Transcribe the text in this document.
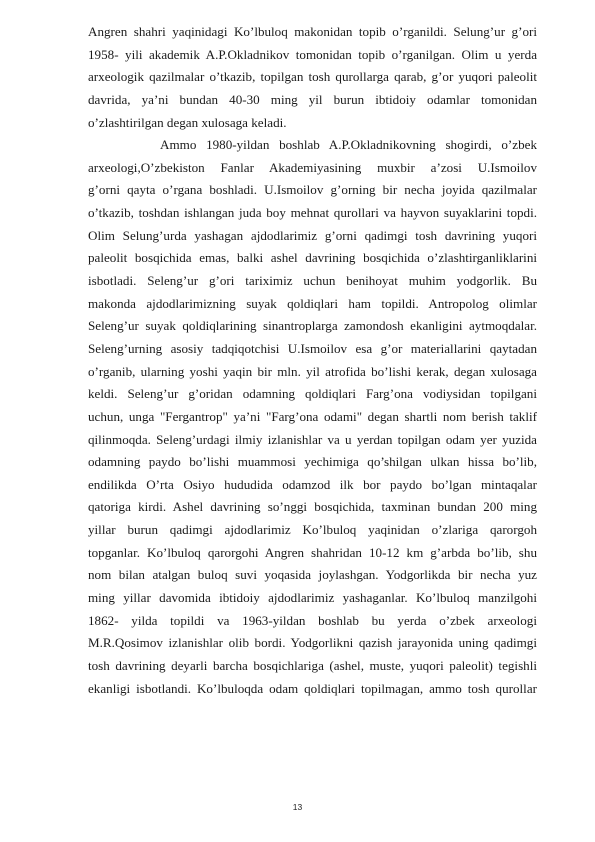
Angren shahri yaqinidagi Ko’lbuloq makonidan topib o’rganildi. Selung’ur g’ori
1958- yili akademik A.P.Okladnikov tomonidan topib o’rganilgan. Olim u yerda
arxeologik qazilmalar o’tkazib, topilgan tosh qurollarga qarab, g’or yuqori paleolit
davrida, ya’ni bundan 40-30 ming yil burun ibtidoiy odamlar tomonidan
o’zlashtirilgan degan xulosaga keladi.
Ammo 1980-yildan boshlab A.P.Okladnikovning shogirdi, o’zbek
arxeologi,O’zbekiston Fanlar Akademiyasining muxbir a’zosi U.Ismoilov
g’orni qayta o’rgana boshladi. U.Ismoilov g’orning bir necha joyida qazilmalar
o’tkazib, toshdan ishlangan juda boy mehnat qurollari va hayvon suyaklarini topdi.
Olim Selung’urda yashagan ajdodlarimiz g’orni qadimgi tosh davrining yuqori
paleolit bosqichida emas, balki ashel davrining bosqichida o’zlashtirganliklarini
isbotladi. Seleng’ur g’ori tariximiz uchun benihoyat muhim yodgorlik. Bu
makonda ajdodlarimizning suyak qoldiqlari ham topildi. Antropolog olimlar
Seleng’ur suyak qoldiqlarining sinantroplarga zamondosh ekanligini aytmoqdalar.
Seleng’urning asosiy tadqiqotchisi U.Ismoilov esa g’or materiallarini qaytadan
o’rganib, ularning yoshi yaqin bir mln. yil atrofida bo’lishi kerak, degan xulosaga
keldi. Seleng’ur g’oridan odamning qoldiqlari Farg’ona vodiysidan topilgani
uchun, unga "Fergantrop" ya’ni "Farg’ona odami" degan shartli nom berish taklif
qilinmoqda. Seleng’urdagi ilmiy izlanishlar va u yerdan topilgan odam yer yuzida
odamning paydo bo’lishi muammosi yechimiga qo’shilgan ulkan hissa bo’lib,
endilikda O’rta Osiyo hududida odamzod ilk bor paydo bo’lgan mintaqalar
qatoriga kirdi. Ashel davrining so’nggi bosqichida, taxminan bundan 200 ming
yillar burun qadimgi ajdodlarimiz Ko’lbuloq yaqinidan o’zlariga qarorgoh
topganlar. Ko’lbuloq qarorgohi Angren shahridan 10-12 km g’arbda bo’lib, shu
nom bilan atalgan buloq suvi yoqasida joylashgan. Yodgorlikda bir necha yuz
ming yillar davomida ibtidoiy ajdodlarimiz yashaganlar. Ko’lbuloq manzilgohi
1862- yilda topildi va 1963-yildan boshlab bu yerda o’zbek arxeologi
M.R.Qosimov izlanishlar olib bordi. Yodgorlikni qazish jarayonida uning qadimgi
tosh davrining deyarli barcha bosqichlariga (ashel, muste, yuqori paleolit) tegishli
ekanligi isbotlandi. Ko’lbuloqda odam qoldiqlari topilmagan, ammo tosh qurollar
13
